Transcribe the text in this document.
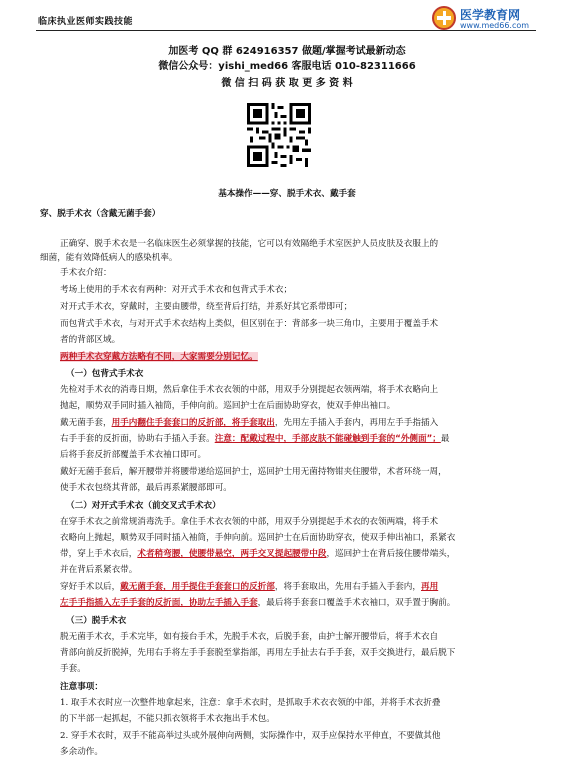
临床执业医师实践技能	医学教育网
www.med66.com
加医考 QQ 群 624916357 做题/掌握考试最新动态
微信公众号：yishi_med66 客服电话 010-82311666
微 信 扫 码 获 取 更 多 资 料
基本操作——穿、脱手术衣、戴手套
穿、脱手术衣（含戴无菌手套）
正确穿、脱手术衣是一名临床医生必须掌握的技能，它可以有效隔绝手术室医护人员皮肤及衣服上的
细菌，能有效降低病人的感染机率。
手术衣介绍：
考场上使用的手术衣有两种：对开式手术衣和包背式手术衣；
对开式手术衣，穿戴时，主要由腰带，绕至背后打结，并系好其它系带即可；
而包背式手术衣，与对开式手术衣结构上类似，但区别在于：背部多一块三角巾，主要用于覆盖手术
者的背部区域。
两种手术衣穿戴方法略有不同，大家需要分别记忆。
（一）包背式手术衣
先检对手术衣的消毒日期，然后拿住手术衣衣领的中部，用双手分别提起衣领两端，将手术衣略向上
抛起，顺势双手同时插入袖筒，手伸向前。巡回护士在后面协助穿衣，使双手伸出袖口。
戴无菌手套，用手内翻住手套套口的反折部，将手套取出，先用左手插入手套内，再用左手手指插入
右手手套的反折面，协助右手插入手套。注意：配戴过程中，手部皮肤不能碰触到手套的“外侧面”；最
后将手套反折部覆盖手术衣袖口即可。
戴好无菌手套后，解开腰带并将腰带递给巡回护士，巡回护士用无菌持物钳夹住腰带，术者环绕一周，
使手术衣包绕其背部，最后再系紧腰部即可。
（二）对开式手术衣（前交叉式手术衣）
在穿手术衣之前常规消毒洗手。拿住手术衣衣领的中部，用双手分别提起手术衣的衣领两端，将手术
衣略向上抛起，顺势双手同时插入袖筒，手伸向前。巡回护士在后面协助穿衣，使双手伸出袖口，系紧衣
带，穿上手术衣后，术者稍弯腰，使腰带悬空，两手交叉提起腰带中段，巡回护士在背后接住腰带端头，
并在背后系紧衣带。
穿好手术以后，戴无菌手套，用手提住手套套口的反折部，将手套取出，先用右手插入手套内，再用
左手手指插入左手手套的反折面，协助左手插入手套，最后将手套套口覆盖手术衣袖口，双手置于胸前。
（三）脱手术衣
脱无菌手术衣，手术完毕，如有接台手术，先脱手术衣，后脱手套，由护士解开腰带后，将手术衣自
背部向前反折脱掉，先用右手将左手手套脱至掌指部，再用左手扯去右手手套，双手交换进行，最后脱下
手套。
注意事项：
1. 取手术衣时应一次整件地拿起来，注意：拿手术衣时，是抓取手术衣衣领的中部，并将手术衣折叠
的下半部一起抓起，不能只抓衣领将手术衣拖出手术包。
2. 穿手术衣时，双手不能高举过头或外展伸向两侧，实际操作中，双手应保持水平伸直，不要做其他
多余动作。
